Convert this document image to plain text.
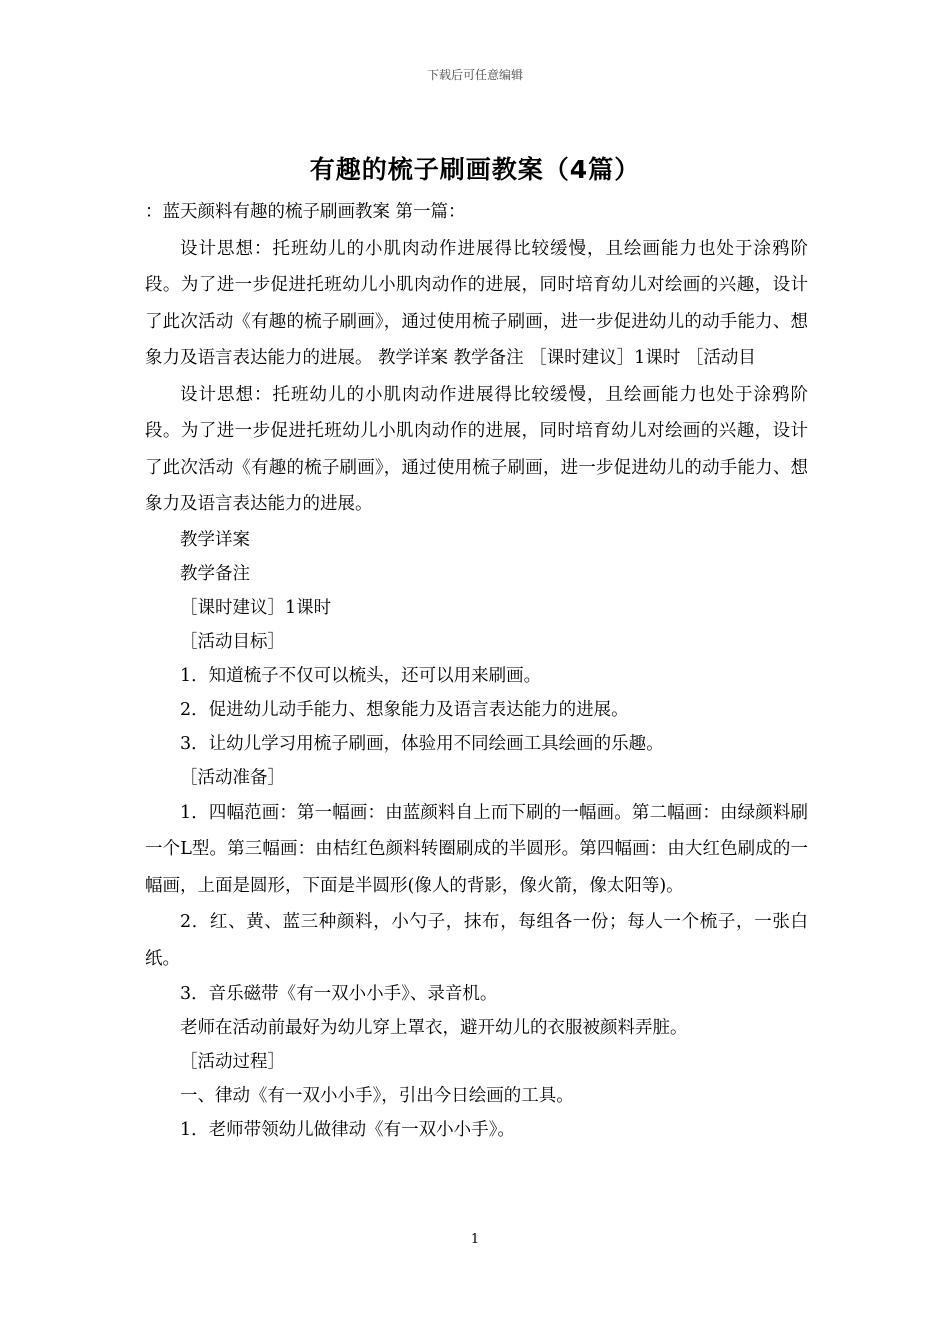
下载后可任意编辑
有趣的梳子刷画教案（4篇）

：蓝天颜料有趣的梳子刷画教案 第一篇：

设计思想：托班幼儿的小肌肉动作进展得比较缓慢，且绘画能力也处于涂鸦阶段。为了进一步促进托班幼儿小肌肉动作的进展，同时培育幼儿对绘画的兴趣，设计了此次活动《有趣的梳子刷画》，通过使用梳子刷画，进一步促进幼儿的动手能力、想象力及语言表达能力的进展。 教学详案 教学备注 ［课时建议］1课时 ［活动目

设计思想：托班幼儿的小肌肉动作进展得比较缓慢，且绘画能力也处于涂鸦阶段。为了进一步促进托班幼儿小肌肉动作的进展，同时培育幼儿对绘画的兴趣，设计了此次活动《有趣的梳子刷画》，通过使用梳子刷画，进一步促进幼儿的动手能力、想象力及语言表达能力的进展。

教学详案

教学备注

［课时建议］1课时

［活动目标］

1．知道梳子不仅可以梳头，还可以用来刷画。

2．促进幼儿动手能力、想象能力及语言表达能力的进展。

3．让幼儿学习用梳子刷画，体验用不同绘画工具绘画的乐趣。

［活动准备］

1．四幅范画：第一幅画：由蓝颜料自上而下刷的一幅画。第二幅画：由绿颜料刷一个L型。第三幅画：由桔红色颜料转圈刷成的半圆形。第四幅画：由大红色刷成的一幅画，上面是圆形，下面是半圆形(像人的背影，像火箭，像太阳等)。

2．红、黄、蓝三种颜料，小勺子，抹布，每组各一份；每人一个梳子，一张白纸。

3．音乐磁带《有一双小小手》、录音机。

老师在活动前最好为幼儿穿上罩衣，避开幼儿的衣服被颜料弄脏。

［活动过程］

一、律动《有一双小小手》，引出今日绘画的工具。

1．老师带领幼儿做律动《有一双小小手》。

1
